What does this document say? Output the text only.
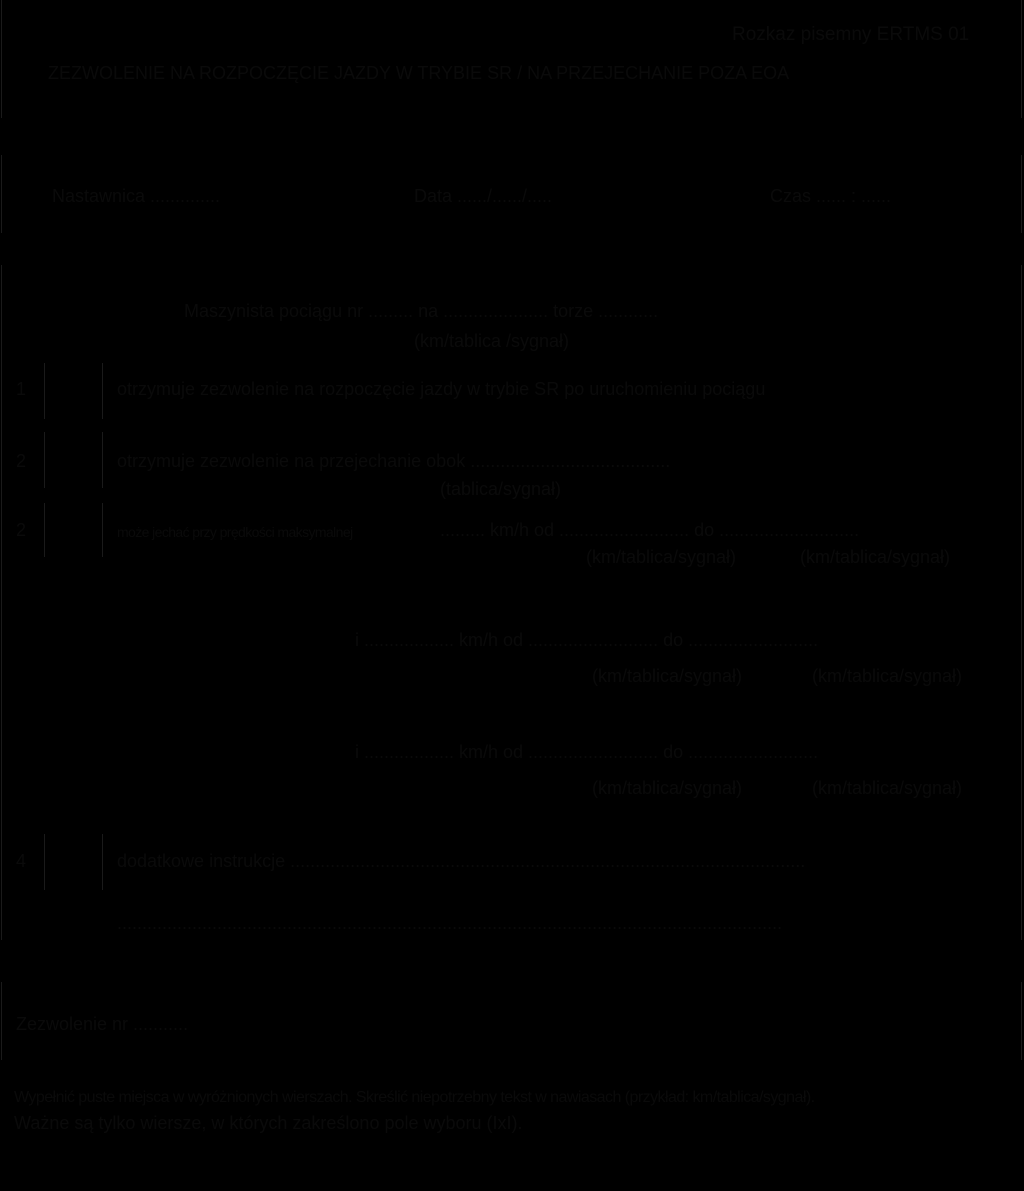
Rozkaz pisemny ERTMS 01
ZEZWOLENIE NA ROZPOCZĘCIE JAZDY W TRYBIE SR / NA PRZEJECHANIE POZA EOA
Nastawnica ..............	Data ....../....../.....	Czas ...... : ......
Maszynista pociągu nr ......... na ..................... torze ............
(km/tablica /sygnał)
1	otrzymuje zezwolenie na rozpoczęcie jazdy w trybie SR po uruchomieniu pociągu
2	otrzymuje zezwolenie na przejechanie obok ........................................
(tablica/sygnał)
2	może jechać przy prędkości maksymalnej	......... km/h od .......................... do ............................
(km/tablica/sygnał)	(km/tablica/sygnał)
i .................. km/h od .......................... do ..........................
(km/tablica/sygnał)	(km/tablica/sygnał)
i .................. km/h od .......................... do ..........................
(km/tablica/sygnał)	(km/tablica/sygnał)
4	dodatkowe instrukcje .......................................................................................................
.....................................................................................................................................
Zezwolenie nr ...........
Wypełnić puste miejsca w wyróżnionych wierszach. Skreślić niepotrzebny tekst w nawiasach (przykład: km/tablica/sygnał).
Ważne są tylko wiersze, w których zakreślono pole wyboru (IxI).
